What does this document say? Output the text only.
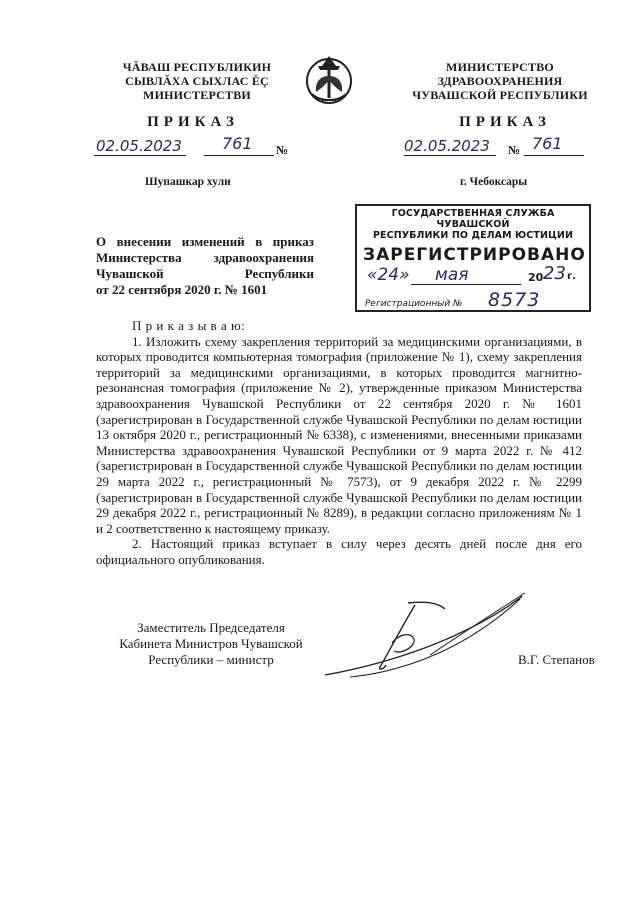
ЧĂВАШ РЕСПУБЛИКИН
СЫВЛĂХА СЫХЛАС ĔÇ
МИНИСТЕРСТВИ
МИНИСТЕРСТВО
ЗДРАВООХРАНЕНИЯ
ЧУВАШСКОЙ РЕСПУБЛИКИ
ПРИКАЗ	ПРИКАЗ
02.05.2023	761 №	02.05.2023 № 761
Шупашкар хули	г. Чебоксары
ГОСУДАРСТВЕННАЯ СЛУЖБА ЧУВАШСКОЙ
РЕСПУБЛИКИ ПО ДЕЛАМ ЮСТИЦИИ
ЗАРЕГИСТРИРОВАНО
«24» мая	20 23 г.
Регистрационный № 8573
О внесении изменений в приказ
Министерства здравоохранения
Чувашской Республики
от 22 сентября 2020 г. № 1601

П р и к а з ы в а ю:

1. Изложить схему закрепления территорий за медицинскими организациями, в которых проводится компьютерная томография (приложение № 1), схему закрепления территорий за медицинскими организациями, в которых проводится магнитно-резонансная томография (приложение № 2), утвержденные приказом Министерства здравоохранения Чувашской Республики от 22 сентября 2020 г. № 1601 (зарегистрирован в Государственной службе Чувашской Республики по делам юстиции 13 октября 2020 г., регистрационный № 6338), с изменениями, внесенными приказами Министерства здравоохранения Чувашской Республики от 9 марта 2022 г. № 412 (зарегистрирован в Государственной службе Чувашской Республики по делам юстиции 29 марта 2022 г., регистрационный № 7573), от 9 декабря 2022 г. № 2299 (зарегистрирован в Государственной службе Чувашской Республики по делам юстиции 29 декабря 2022 г., регистрационный № 8289), в редакции согласно приложениям № 1 и 2 соответственно к настоящему приказу.

2. Настоящий приказ вступает в силу через десять дней после дня его официального опубликования.

Заместитель Председателя
Кабинета Министров Чувашской
Республики – министр	В.Г. Степанов
